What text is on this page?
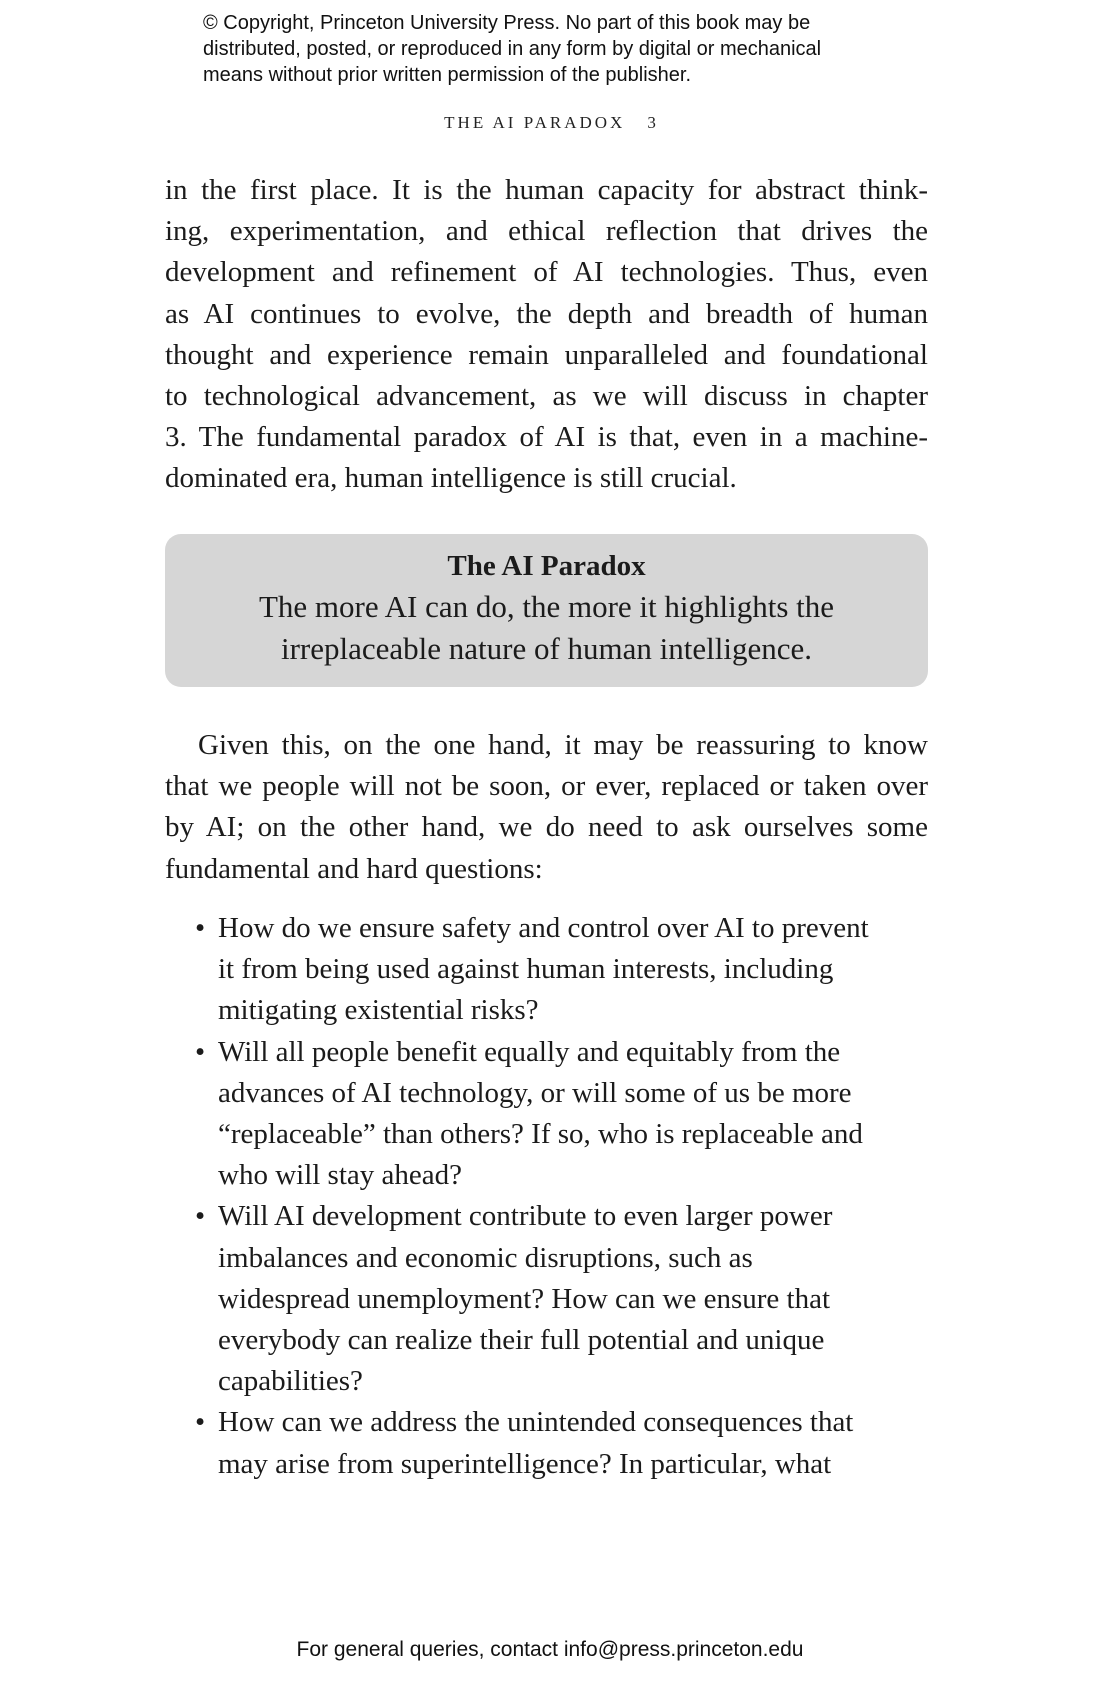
© Copyright, Princeton University Press. No part of this book may be
distributed, posted, or reproduced in any form by digital or mechanical
means without prior written permission of the publisher.
THE AI PARADOX 3
in the first place. It is the human capacity for abstract think-
ing, experimentation, and ethical reflection that drives the
development and refinement of AI technologies. Thus, even
as AI continues to evolve, the depth and breadth of human
thought and experience remain unparalleled and foundational
to technological advancement, as we will discuss in chapter
3. The fundamental paradox of AI is that, even in a machine-
dominated era, human intelligence is still crucial.
The AI Paradox
The more AI can do, the more it highlights the
irreplaceable nature of human intelligence.
Given this, on the one hand, it may be reassuring to know
that we people will not be soon, or ever, replaced or taken over
by AI; on the other hand, we do need to ask ourselves some
fundamental and hard questions:
• How do we ensure safety and control over AI to prevent
it from being used against human interests, including
mitigating existential risks?
• Will all people benefit equally and equitably from the
advances of AI technology, or will some of us be more
“replaceable” than others? If so, who is replaceable and
who will stay ahead?
• Will AI development contribute to even larger power
imbalances and economic disruptions, such as
widespread unemployment? How can we ensure that
everybody can realize their full potential and unique
capabilities?
• How can we address the unintended consequences that
may arise from superintelligence? In particular, what
For general queries, contact info@press.princeton.edu
